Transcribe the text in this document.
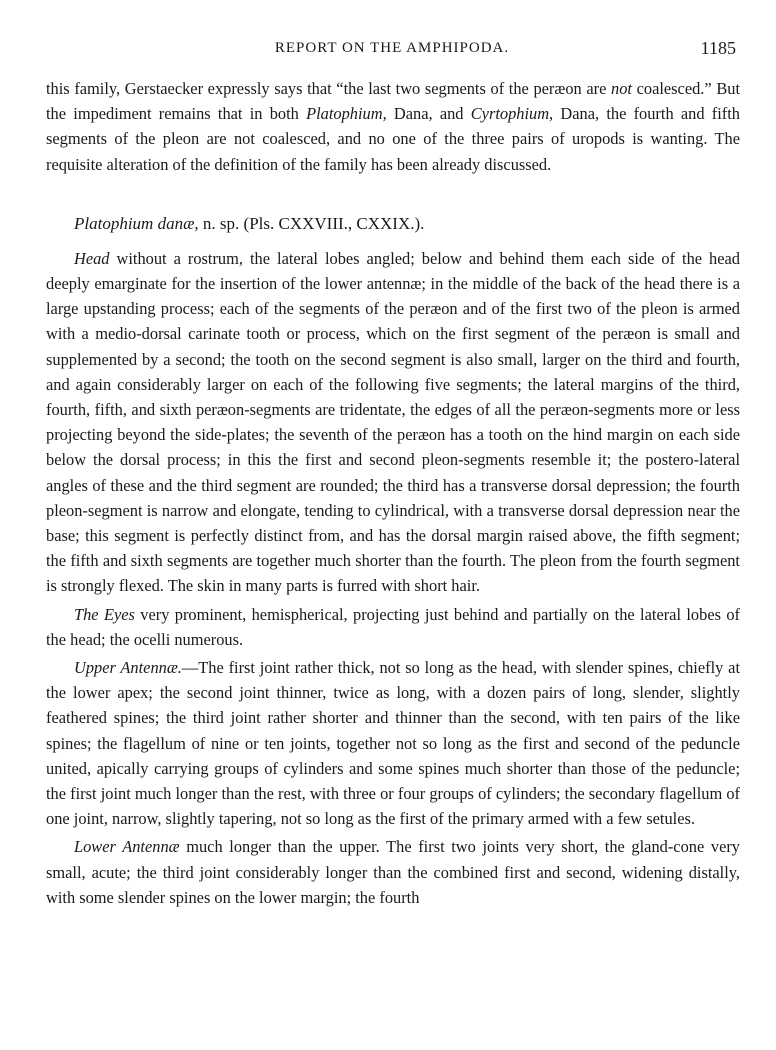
REPORT ON THE AMPHIPODA.	1185

this family, Gerstaecker expressly says that “the last two segments of the peræon are not coalesced.” But the impediment remains that in both Platophium, Dana, and Cyrtophium, Dana, the fourth and fifth segments of the pleon are not coalesced, and no one of the three pairs of uropods is wanting. The requisite alteration of the definition of the family has been already discussed.

Platophium danæ, n. sp. (Pls. CXXVIII., CXXIX.).

Head without a rostrum, the lateral lobes angled; below and behind them each side of the head deeply emarginate for the insertion of the lower antennæ; in the middle of the back of the head there is a large upstanding process; each of the segments of the peræon and of the first two of the pleon is armed with a medio-dorsal carinate tooth or process, which on the first segment of the peræon is small and supplemented by a second; the tooth on the second segment is also small, larger on the third and fourth, and again considerably larger on each of the following five segments; the lateral margins of the third, fourth, fifth, and sixth peræon-segments are tridentate, the edges of all the peræon-segments more or less projecting beyond the side-plates; the seventh of the peræon has a tooth on the hind margin on each side below the dorsal process; in this the first and second pleon-segments resemble it; the postero-lateral angles of these and the third segment are rounded; the third has a transverse dorsal depression; the fourth pleon-segment is narrow and elongate, tending to cylindrical, with a transverse dorsal depression near the base; this segment is perfectly distinct from, and has the dorsal margin raised above, the fifth segment; the fifth and sixth segments are together much shorter than the fourth. The pleon from the fourth segment is strongly flexed. The skin in many parts is furred with short hair.

The Eyes very prominent, hemispherical, projecting just behind and partially on the lateral lobes of the head; the ocelli numerous.

Upper Antennæ.—The first joint rather thick, not so long as the head, with slender spines, chiefly at the lower apex; the second joint thinner, twice as long, with a dozen pairs of long, slender, slightly feathered spines; the third joint rather shorter and thinner than the second, with ten pairs of the like spines; the flagellum of nine or ten joints, together not so long as the first and second of the peduncle united, apically carrying groups of cylinders and some spines much shorter than those of the peduncle; the first joint much longer than the rest, with three or four groups of cylinders; the secondary flagellum of one joint, narrow, slightly tapering, not so long as the first of the primary armed with a few setules.

Lower Antennæ much longer than the upper. The first two joints very short, the gland-cone very small, acute; the third joint considerably longer than the combined first and second, widening distally, with some slender spines on the lower margin; the fourth
